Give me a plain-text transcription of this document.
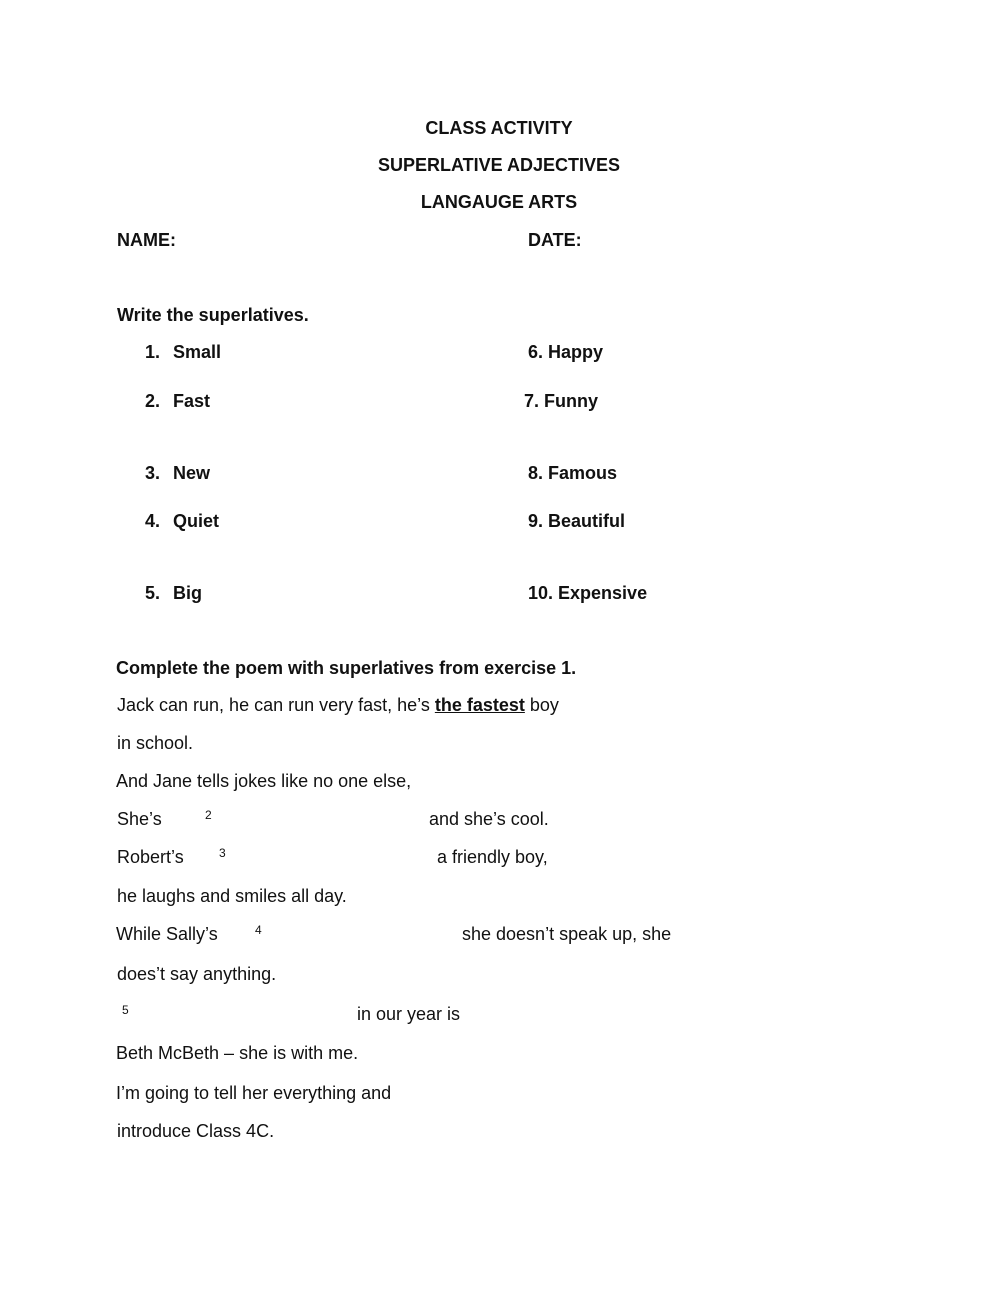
CLASS ACTIVITY
SUPERLATIVE ADJECTIVES
LANGAUGE ARTS
NAME:	DATE:
Write the superlatives.
1. Small
2. Fast
3. New
4. Quiet
5. Big
6. Happy
7. Funny
8. Famous
9. Beautiful
10. Expensive
Complete the poem with superlatives from exercise 1.
Jack can run, he can run very fast, he’s the fastest boy
in school.
And Jane tells jokes like no one else,
She’s	2	and she’s cool.
Robert’s	3	a friendly boy,
he laughs and smiles all day.
While Sally’s	4	she doesn’t speak up, she
does’t say anything.
5	in our year is
Beth McBeth – she is with me.
I’m going to tell her everything and
introduce Class 4C.
